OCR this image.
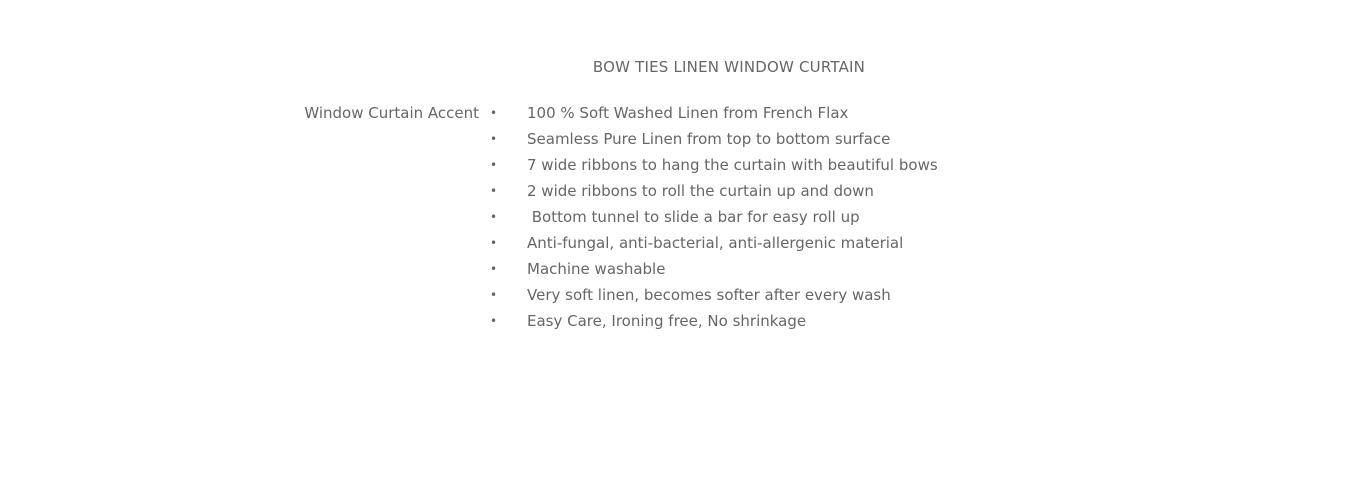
BOW TIES LINEN WINDOW CURTAIN
Window Curtain Accent • 100 % Soft Washed Linen from French Flax
• Seamless Pure Linen from top to bottom surface
• 7 wide ribbons to hang the curtain with beautiful bows
• 2 wide ribbons to roll the curtain up and down
• Bottom tunnel to slide a bar for easy roll up
• Anti-fungal, anti-bacterial, anti-allergenic material
• Machine washable
• Very soft linen, becomes softer after every wash
• Easy Care, Ironing free, No shrinkage
